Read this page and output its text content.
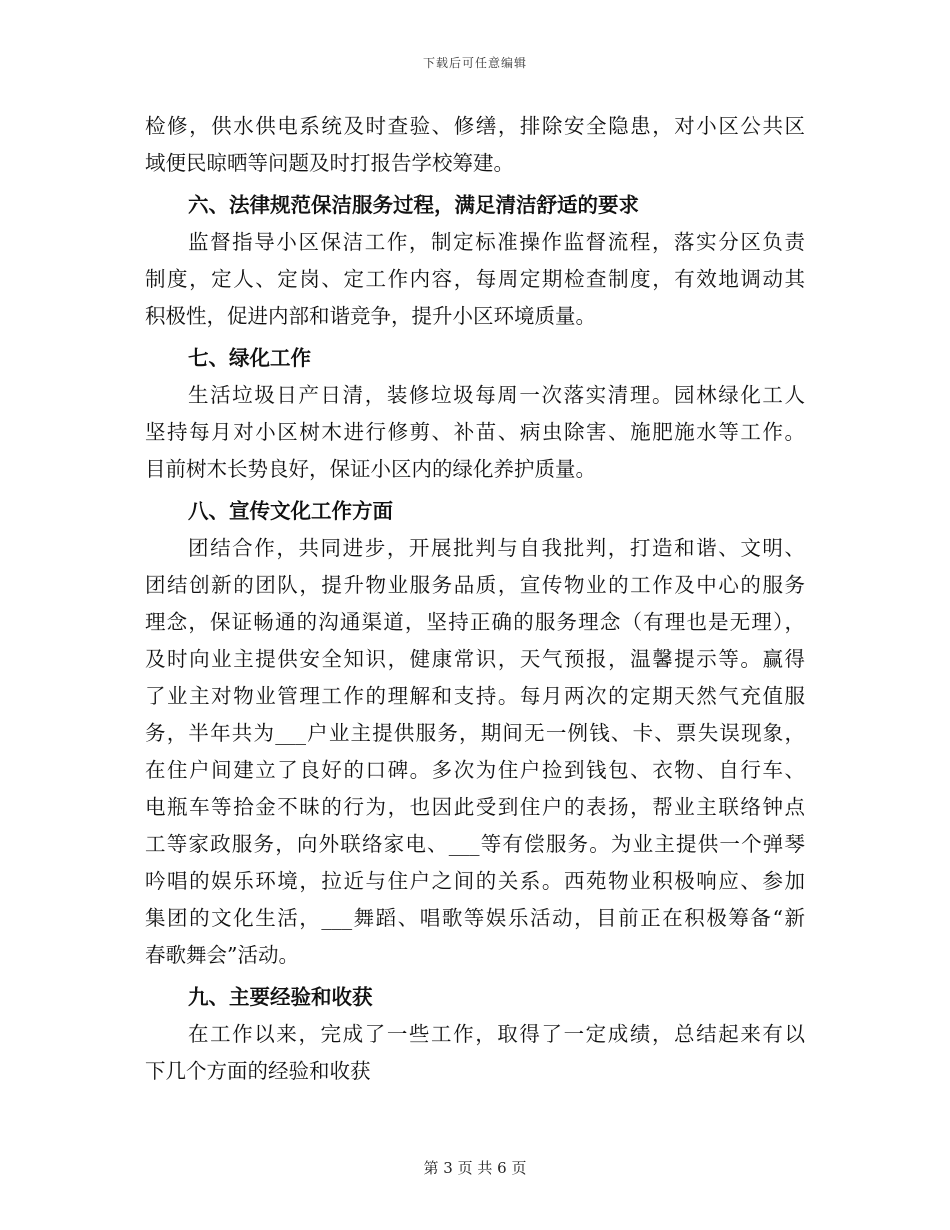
下载后可任意编辑
检修，供水供电系统及时查验、修缮，排除安全隐患，对小区公共区
域便民晾晒等问题及时打报告学校筹建。
六、法律规范保洁服务过程，满足清洁舒适的要求
监督指导小区保洁工作，制定标准操作监督流程，落实分区负责
制度，定人、定岗、定工作内容，每周定期检查制度，有效地调动其
积极性，促进内部和谐竞争，提升小区环境质量。
七、绿化工作
生活垃圾日产日清，装修垃圾每周一次落实清理。园林绿化工人
坚持每月对小区树木进行修剪、补苗、病虫除害、施肥施水等工作。
目前树木长势良好，保证小区内的绿化养护质量。
八、宣传文化工作方面
团结合作，共同进步，开展批判与自我批判，打造和谐、文明、
团结创新的团队，提升物业服务品质，宣传物业的工作及中心的服务
理念，保证畅通的沟通渠道，坚持正确的服务理念（有理也是无理），
及时向业主提供安全知识，健康常识，天气预报，温馨提示等。赢得
了业主对物业管理工作的理解和支持。每月两次的定期天然气充值服
务，半年共为___户业主提供服务，期间无一例钱、卡、票失误现象，
在住户间建立了良好的口碑。多次为住户捡到钱包、衣物、自行车、
电瓶车等拾金不昧的行为，也因此受到住户的表扬，帮业主联络钟点
工等家政服务，向外联络家电、___等有偿服务。为业主提供一个弹琴
吟唱的娱乐环境，拉近与住户之间的关系。西苑物业积极响应、参加
集团的文化生活，___舞蹈、唱歌等娱乐活动，目前正在积极筹备“新
春歌舞会”活动。
九、主要经验和收获
在工作以来，完成了一些工作，取得了一定成绩，总结起来有以
下几个方面的经验和收获
第 3 页 共 6 页
